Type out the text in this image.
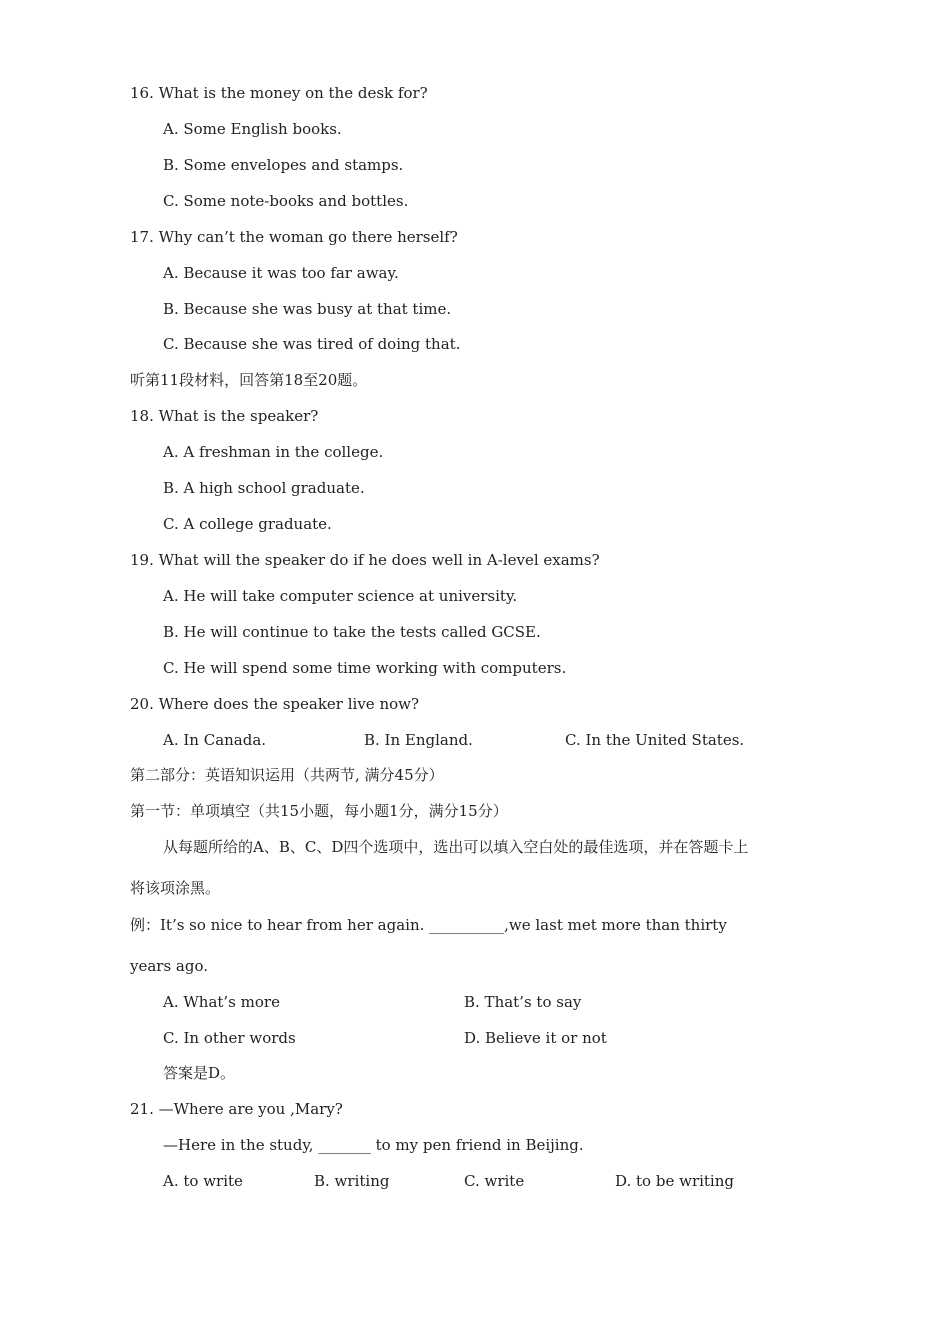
16. What is the money on the desk for?
A. Some English books.
B. Some envelopes and stamps.
C. Some note-books and bottles.
17. Why can’t the woman go there herself?
A. Because it was too far away.
B. Because she was busy at that time.
C. Because she was tired of doing that.
听第11段材料，回答第18至20题。
18. What is the speaker?
A. A freshman in the college.
B. A high school graduate.
C. A college graduate.
19. What will the speaker do if he does well in A-level exams?
A. He will take computer science at university.
B. He will continue to take the tests called GCSE.
C. He will spend some time working with computers.
20. Where does the speaker live now?
A. In Canada.	B. In England.	C. In the United States.
第二部分：英语知识运用（共两节, 满分45分）
第一节：单项填空（共15小题，每小题1分，满分15分）
从每题所给的A、B、C、D四个选项中，选出可以填入空白处的最佳选项，并在答题卡上
将该项涂黑。
例：It’s so nice to hear from her again. __________,we last met more than thirty
years ago.
A. What’s more	B. That’s to say
C. In other words	D. Believe it or not
答案是D。
21. —Where are you ,Mary?
—Here in the study, _______ to my pen friend in Beijing.
A. to write	B. writing	C. write	D. to be writing
